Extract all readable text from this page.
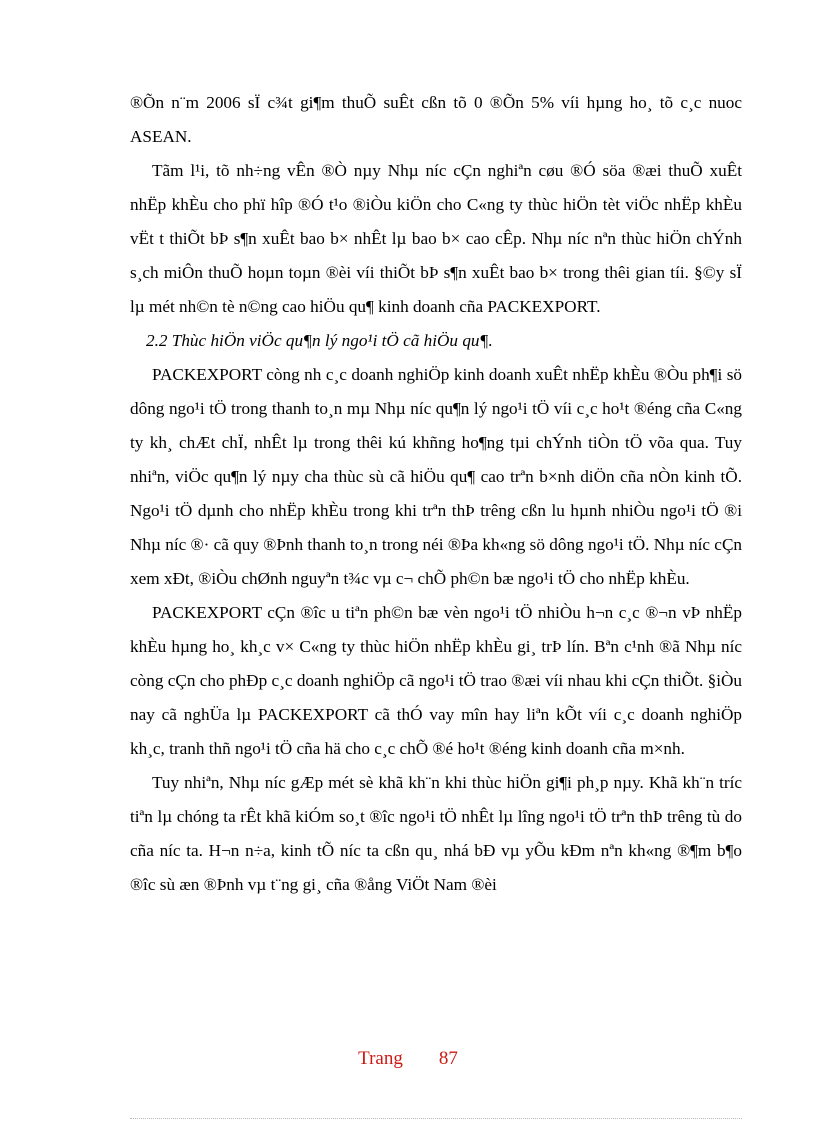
®Õn n¨m 2006 sÏ c¾t gi¶m thuÕ suÊt cßn tõ 0 ®Õn 5% víi hµng ho¸ tõ c¸c nuoc ASEAN.

Tãm l¹i, tõ nh÷ng vÊn ®Ò nµy Nhµ níc cÇn nghiªn cøu ®Ó söa ®æi thuÕ xuÊt nhËp khÈu cho phï hîp ®Ó t¹o ®iÒu kiÖn cho C«ng ty thùc hiÖn tèt viÖc nhËp khÈu vËt t thiÕt bÞ s¶n xuÊt bao b× nhÊt lµ bao b× cao cÊp. Nhµ níc nªn thùc hiÖn chÝnh s¸ch miÔn thuÕ hoµn toµn ®èi víi thiÕt bÞ s¶n xuÊt bao b× trong thêi gian tíi. §©y sÏ lµ mét nh©n tè n©ng cao hiÖu qu¶ kinh doanh cña PACKEXPORT.

2.2 Thùc hiÖn viÖc qu¶n lý ngo¹i tÖ cã hiÖu qu¶.

PACKEXPORT còng nh c¸c doanh nghiÖp kinh doanh xuÊt nhËp khÈu ®Òu ph¶i sö dông ngo¹i tÖ trong thanh to¸n mµ Nhµ níc qu¶n lý ngo¹i tÖ víi c¸c ho¹t ®éng cña C«ng ty kh¸ chÆt chÏ, nhÊt lµ trong thêi kú khñng ho¶ng tµi chÝnh tiÒn tÖ võa qua. Tuy nhiªn, viÖc qu¶n lý nµy cha thùc sù cã hiÖu qu¶ cao trªn b×nh diÖn cña nÒn kinh tÕ. Ngo¹i tÖ dµnh cho nhËp khÈu trong khi trªn thÞ trêng cßn lu hµnh nhiÒu ngo¹i tÖ ®i Nhµ níc ®· cã quy ®Þnh thanh to¸n trong néi ®Þa kh«ng sö dông ngo¹i tÖ. Nhµ níc cÇn xem xÐt, ®iÒu chØnh nguyªn t¾c vµ c¬ chÕ ph©n bæ ngo¹i tÖ cho nhËp khÈu.

PACKEXPORT cÇn ®îc u tiªn ph©n bæ vèn ngo¹i tÖ nhiÒu h¬n c¸c ®¬n vÞ nhËp khÈu hµng ho¸ kh¸c v× C«ng ty thùc hiÖn nhËp khÈu gi¸ trÞ lín. Bªn c¹nh ®ã Nhµ níc còng cÇn cho phÐp c¸c doanh nghiÖp cã ngo¹i tÖ trao ®æi víi nhau khi cÇn thiÕt. §iÒu nay cã nghÜa lµ PACKEXPORT cã thÓ vay mîn hay liªn kÕt víi c¸c doanh nghiÖp kh¸c, tranh thñ ngo¹i tÖ cña hä cho c¸c chÕ ®é ho¹t ®éng kinh doanh cña m×nh.

Tuy nhiªn, Nhµ níc gÆp mét sè khã kh¨n khi thùc hiÖn gi¶i ph¸p nµy. Khã kh¨n tríc tiªn lµ chóng ta rÊt khã kiÓm so¸t ®îc ngo¹i tÖ nhÊt lµ lîng ngo¹i tÖ trªn thÞ trêng tù do cña níc ta. H¬n n÷a, kinh tÕ níc ta cßn qu¸ nhá bÐ vµ yÕu kÐm nªn kh«ng ®¶m b¶o ®îc sù æn ®Þnh vµ t¨ng gi¸ cña ®ång ViÖt Nam ®èi

Trang 87
